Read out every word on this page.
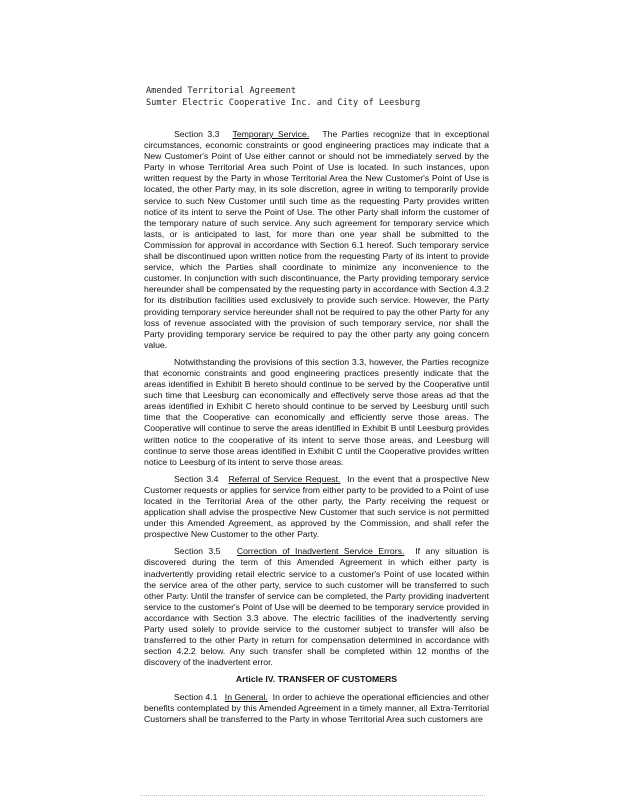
Amended Territorial Agreement
Sumter Electric Cooperative Inc. and City of Leesburg

Section 3.3 Temporary Service. The Parties recognize that in exceptional circumstances, economic constraints or good engineering practices may indicate that a New Customer's Point of Use either cannot or should not be immediately served by the Party in whose Territorial Area such Point of Use is located. In such instances, upon written request by the Party in whose Territorial Area the New Customer's Point of Use is located, the other Party may, in its sole discretion, agree in writing to temporarily provide service to such New Customer until such time as the requesting Party provides written notice of its intent to serve the Point of Use. The other Party shall inform the customer of the temporary nature of such service. Any such agreement for temporary service which lasts, or is anticipated to last, for more than one year shall be submitted to the Commission for approval in accordance with Section 6.1 hereof. Such temporary service shall be discontinued upon written notice from the requesting Party of its intent to provide service, which the Parties shall coordinate to minimize any inconvenience to the customer. In conjunction with such discontinuance, the Party providing temporary service hereunder shall be compensated by the requesting party in accordance with Section 4.3.2 for its distribution facilities used exclusively to provide such service. However, the Party providing temporary service hereunder shall not be required to pay the other Party for any loss of revenue associated with the provision of such temporary service, nor shall the Party providing temporary service be required to pay the other party any going concern value.

Notwithstanding the provisions of this section 3.3, however, the Parties recognize that economic constraints and good engineering practices presently indicate that the areas identified in Exhibit B hereto should continue to be served by the Cooperative until such time that Leesburg can economically and effectively serve those areas ad that the areas identified in Exhibit C hereto should continue to be served by Leesburg until such time that the Cooperative can economically and efficiently serve those areas. The Cooperative will continue to serve the areas identified in Exhibit B until Leesburg provides written notice to the cooperative of its intent to serve those areas, and Leesburg will continue to serve those areas identified in Exhibit C until the Cooperative provides written notice to Leesburg of its intent to serve those areas.

Section 3.4 Referral of Service Request. In the event that a prospective New Customer requests or applies for service from either party to be provided to a Point of use located in the Territorial Area of the other party, the Party receiving the request or application shall advise the prospective New Customer that such service is not permitted under this Amended Agreement, as approved by the Commission, and shall refer the prospective New Customer to the other Party.

Section 3.5 Correction of Inadvertent Service Errors. If any situation is discovered during the term of this Amended Agreement in which either party is inadvertently providing retail electric service to a customer's Point of use located within the service area of the other party, service to such customer will be transferred to such other Party. Until the transfer of service can be completed, the Party providing inadvertent service to the customer's Point of Use will be deemed to be temporary service provided in accordance with Section 3.3 above. The electric facilities of the inadvertently serving Party used solely to provide service to the customer subject to transfer will also be transferred to the other Party in return for compensation determined in accordance with section 4.2.2 below. Any such transfer shall be completed within 12 months of the discovery of the inadvertent error.

Article IV. TRANSFER OF CUSTOMERS

Section 4.1 In General. In order to achieve the operational efficiencies and other benefits contemplated by this Amended Agreement in a timely manner, all Extra-Territorial Customers shall be transferred to the Party in whose Territorial Area such customers are
